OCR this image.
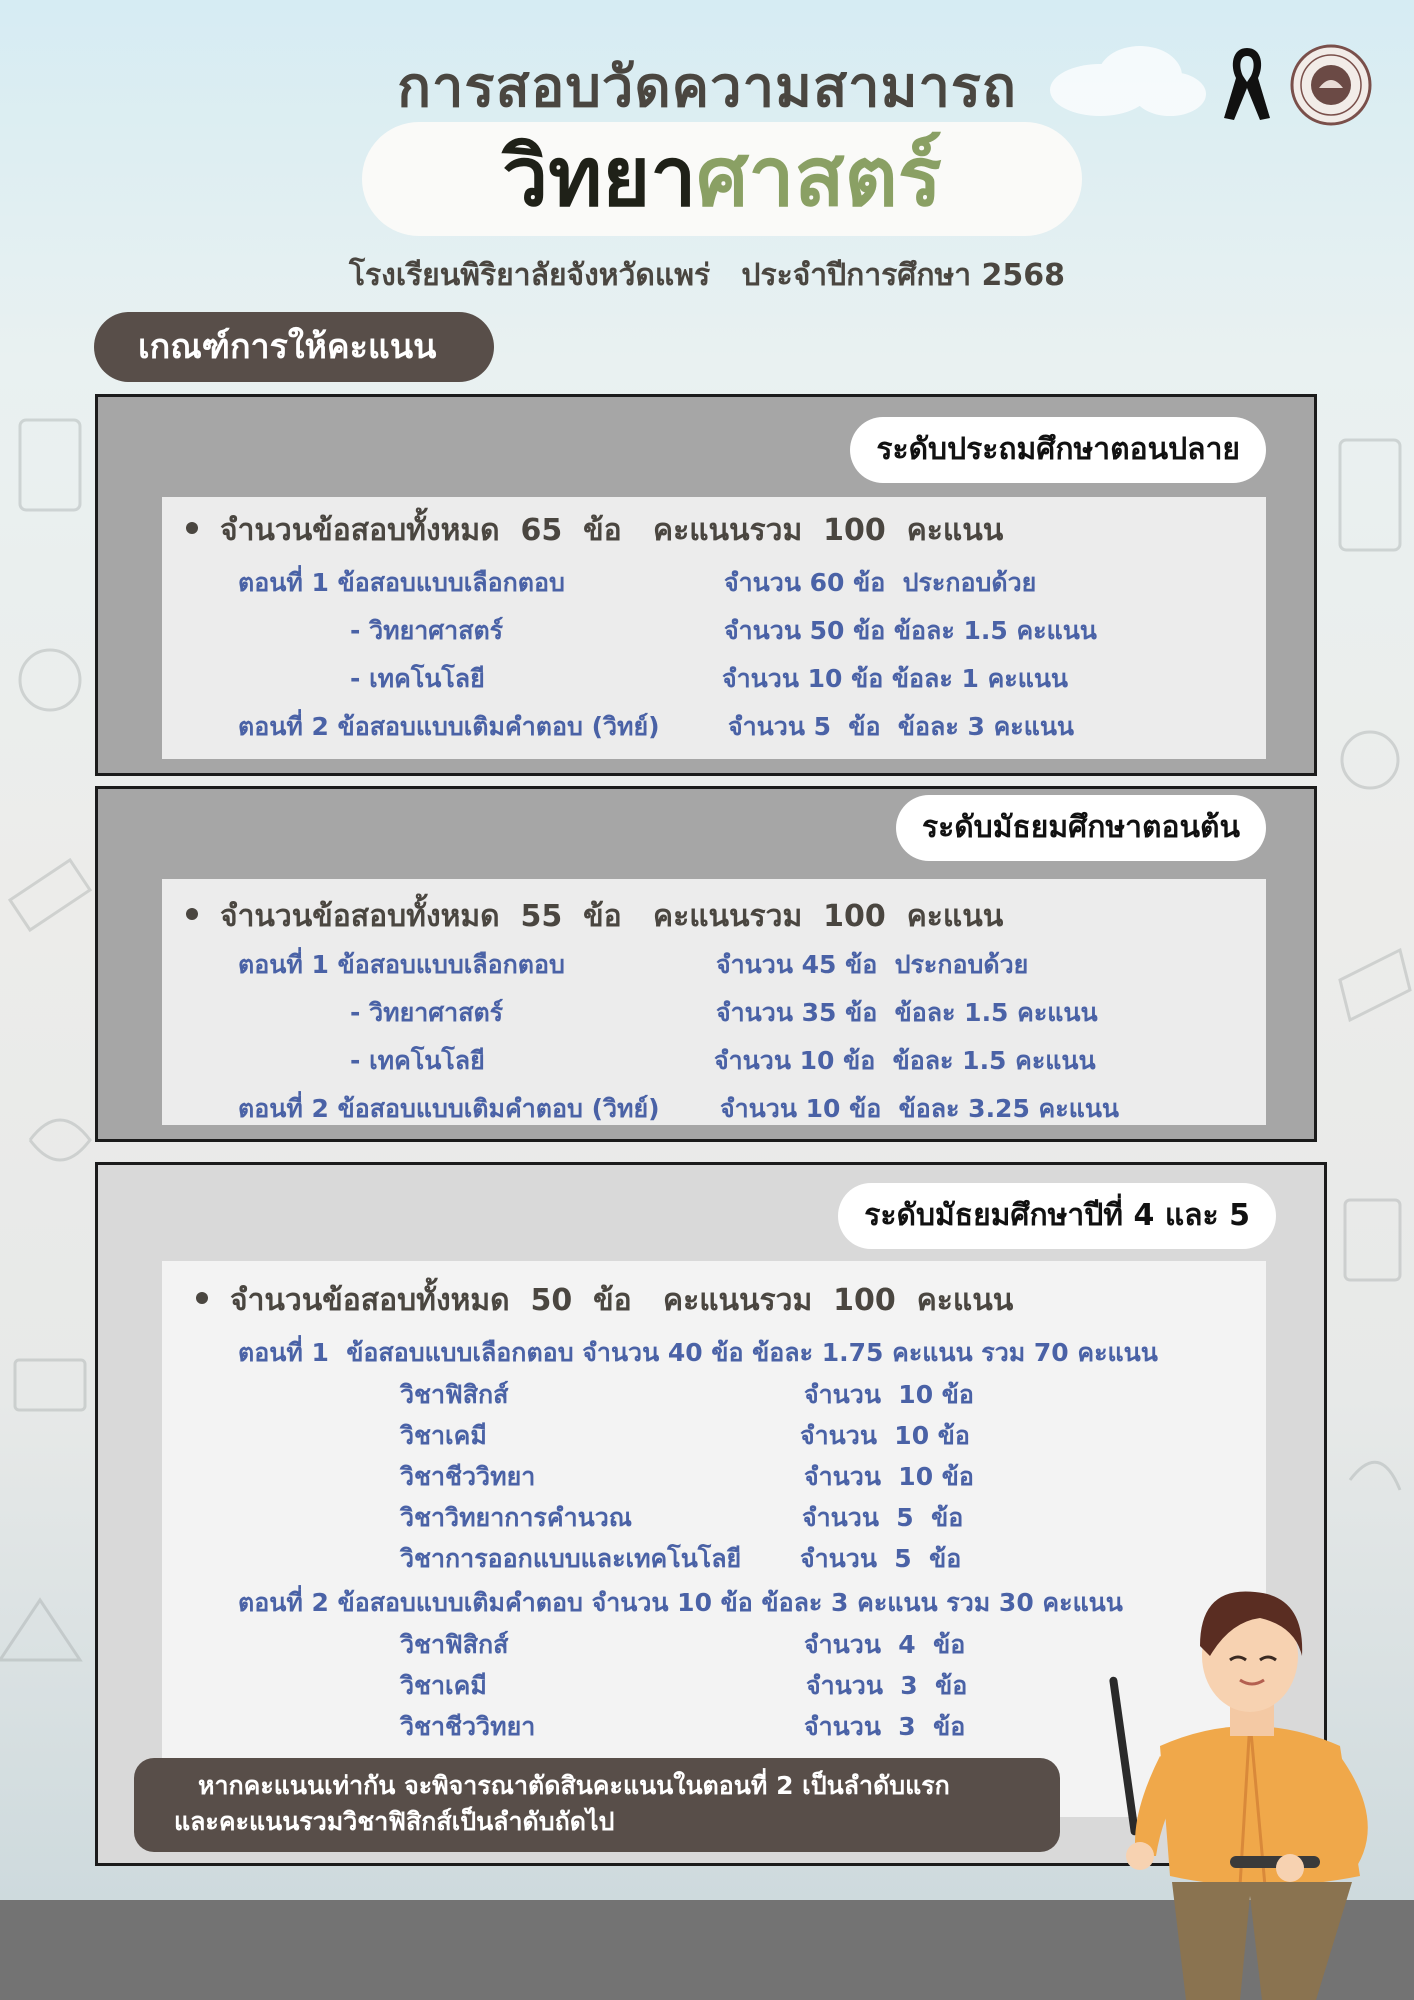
การสอบวัดความสามารถ
วิทยาศาสตร์
โรงเรียนพิริยาลัยจังหวัดแพร่   ประจำปีการศึกษา 2568
เกณฑ์การให้คะแนน
ระดับประถมศึกษาตอนปลาย
จำนวนข้อสอบทั้งหมด  65  ข้อ   คะแนนรวม  100  คะแนน
ตอนที่ 1 ข้อสอบแบบเลือกตอบ	จำนวน 60 ข้อ  ประกอบด้วย
- วิทยาศาสตร์	จำนวน 50 ข้อ ข้อละ 1.5 คะแนน
- เทคโนโลยี	จำนวน 10 ข้อ ข้อละ 1 คะแนน
ตอนที่ 2 ข้อสอบแบบเติมคำตอบ (วิทย์)	จำนวน 5  ข้อ  ข้อละ 3 คะแนน
ระดับมัธยมศึกษาตอนต้น
จำนวนข้อสอบทั้งหมด  55  ข้อ   คะแนนรวม  100  คะแนน
ตอนที่ 1 ข้อสอบแบบเลือกตอบ	จำนวน 45 ข้อ  ประกอบด้วย
- วิทยาศาสตร์	จำนวน 35 ข้อ  ข้อละ 1.5 คะแนน
- เทคโนโลยี	จำนวน 10 ข้อ  ข้อละ 1.5 คะแนน
ตอนที่ 2 ข้อสอบแบบเติมคำตอบ (วิทย์) จำนวน 10 ข้อ  ข้อละ 3.25 คะแนน
ระดับมัธยมศึกษาปีที่ 4 และ 5
จำนวนข้อสอบทั้งหมด  50  ข้อ   คะแนนรวม  100  คะแนน
ตอนที่ 1  ข้อสอบแบบเลือกตอบ จำนวน 40 ข้อ ข้อละ 1.75 คะแนน รวม 70 คะแนน
วิชาฟิสิกส์	จำนวน  10 ข้อ
วิชาเคมี	จำนวน  10 ข้อ
วิชาชีววิทยา	จำนวน  10 ข้อ
วิชาวิทยาการคำนวณ	จำนวน  5  ข้อ
วิชาการออกแบบและเทคโนโลยี จำนวน  5  ข้อ
ตอนที่ 2 ข้อสอบแบบเติมคำตอบ จำนวน 10 ข้อ ข้อละ 3 คะแนน รวม 30 คะแนน
วิชาฟิสิกส์	จำนวน  4  ข้อ
วิชาเคมี	จำนวน  3  ข้อ
วิชาชีววิทยา	จำนวน  3  ข้อ
หากคะแนนเท่ากัน จะพิจารณาตัดสินคะแนนในตอนที่ 2 เป็นลำดับแรก
และคะแนนรวมวิชาฟิสิกส์เป็นลำดับถัดไป
